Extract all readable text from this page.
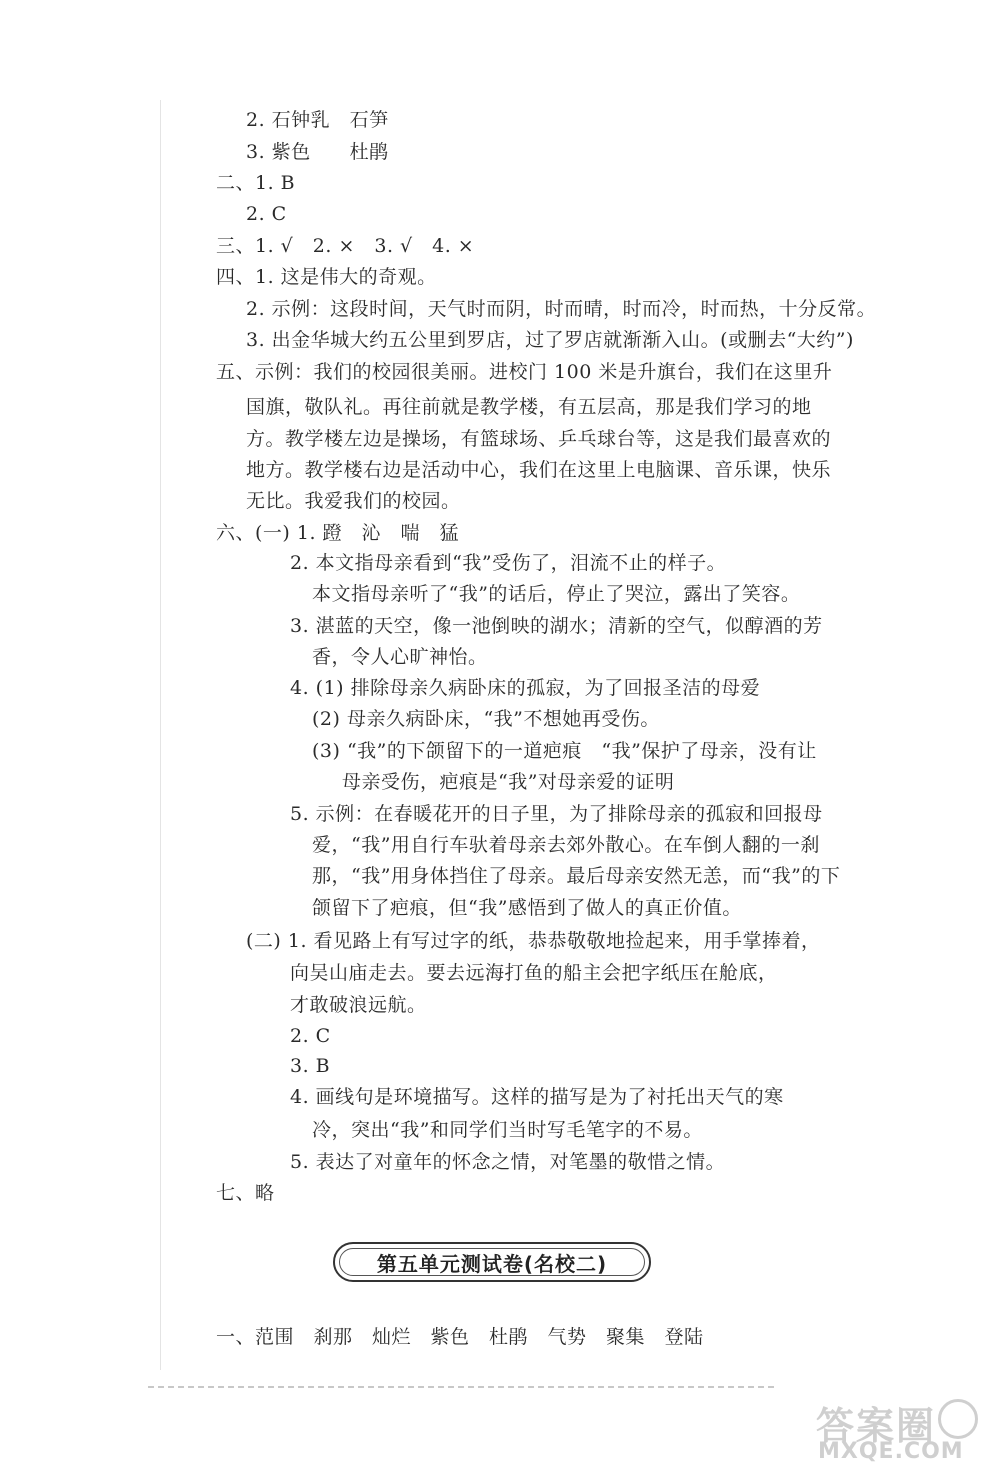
2. 石钟乳　石笋
3. 紫色　　杜鹃
二、1. B
2. C
三、1. √　2. ×　3. √　4. ×
四、1. 这是伟大的奇观。
2. 示例：这段时间，天气时而阴，时而晴，时而冷，时而热，十分反常。
3. 出金华城大约五公里到罗店，过了罗店就渐渐入山。(或删去“大约”)
五、示例：我们的校园很美丽。进校门 100 米是升旗台，我们在这里升
国旗，敬队礼。再往前就是教学楼，有五层高，那是我们学习的地
方。教学楼左边是操场，有篮球场、乒乓球台等，这是我们最喜欢的
地方。教学楼右边是活动中心，我们在这里上电脑课、音乐课，快乐
无比。我爱我们的校园。
六、(一) 1. 蹬　沁　喘　猛
2. 本文指母亲看到“我”受伤了，泪流不止的样子。
本文指母亲听了“我”的话后，停止了哭泣，露出了笑容。
3. 湛蓝的天空，像一池倒映的湖水；清新的空气，似醇酒的芳
香，令人心旷神怡。
4. (1) 排除母亲久病卧床的孤寂，为了回报圣洁的母爱
(2) 母亲久病卧床，“我”不想她再受伤。
(3) “我”的下颌留下的一道疤痕　“我”保护了母亲，没有让
母亲受伤，疤痕是“我”对母亲爱的证明
5. 示例：在春暖花开的日子里，为了排除母亲的孤寂和回报母
爱，“我”用自行车驮着母亲去郊外散心。在车倒人翻的一刹
那，“我”用身体挡住了母亲。最后母亲安然无恙，而“我”的下
颌留下了疤痕，但“我”感悟到了做人的真正价值。
(二) 1. 看见路上有写过字的纸，恭恭敬敬地捡起来，用手掌捧着，
向吴山庙走去。要去远海打鱼的船主会把字纸压在舱底，
才敢破浪远航。
2. C
3. B
4. 画线句是环境描写。这样的描写是为了衬托出天气的寒
冷，突出“我”和同学们当时写毛笔字的不易。
5. 表达了对童年的怀念之情，对笔墨的敬惜之情。
七、略
第五单元测试卷(名校二)
一、范围　刹那　灿烂　紫色　杜鹃　气势　聚集　登陆
答案圈
MXQE.COM
